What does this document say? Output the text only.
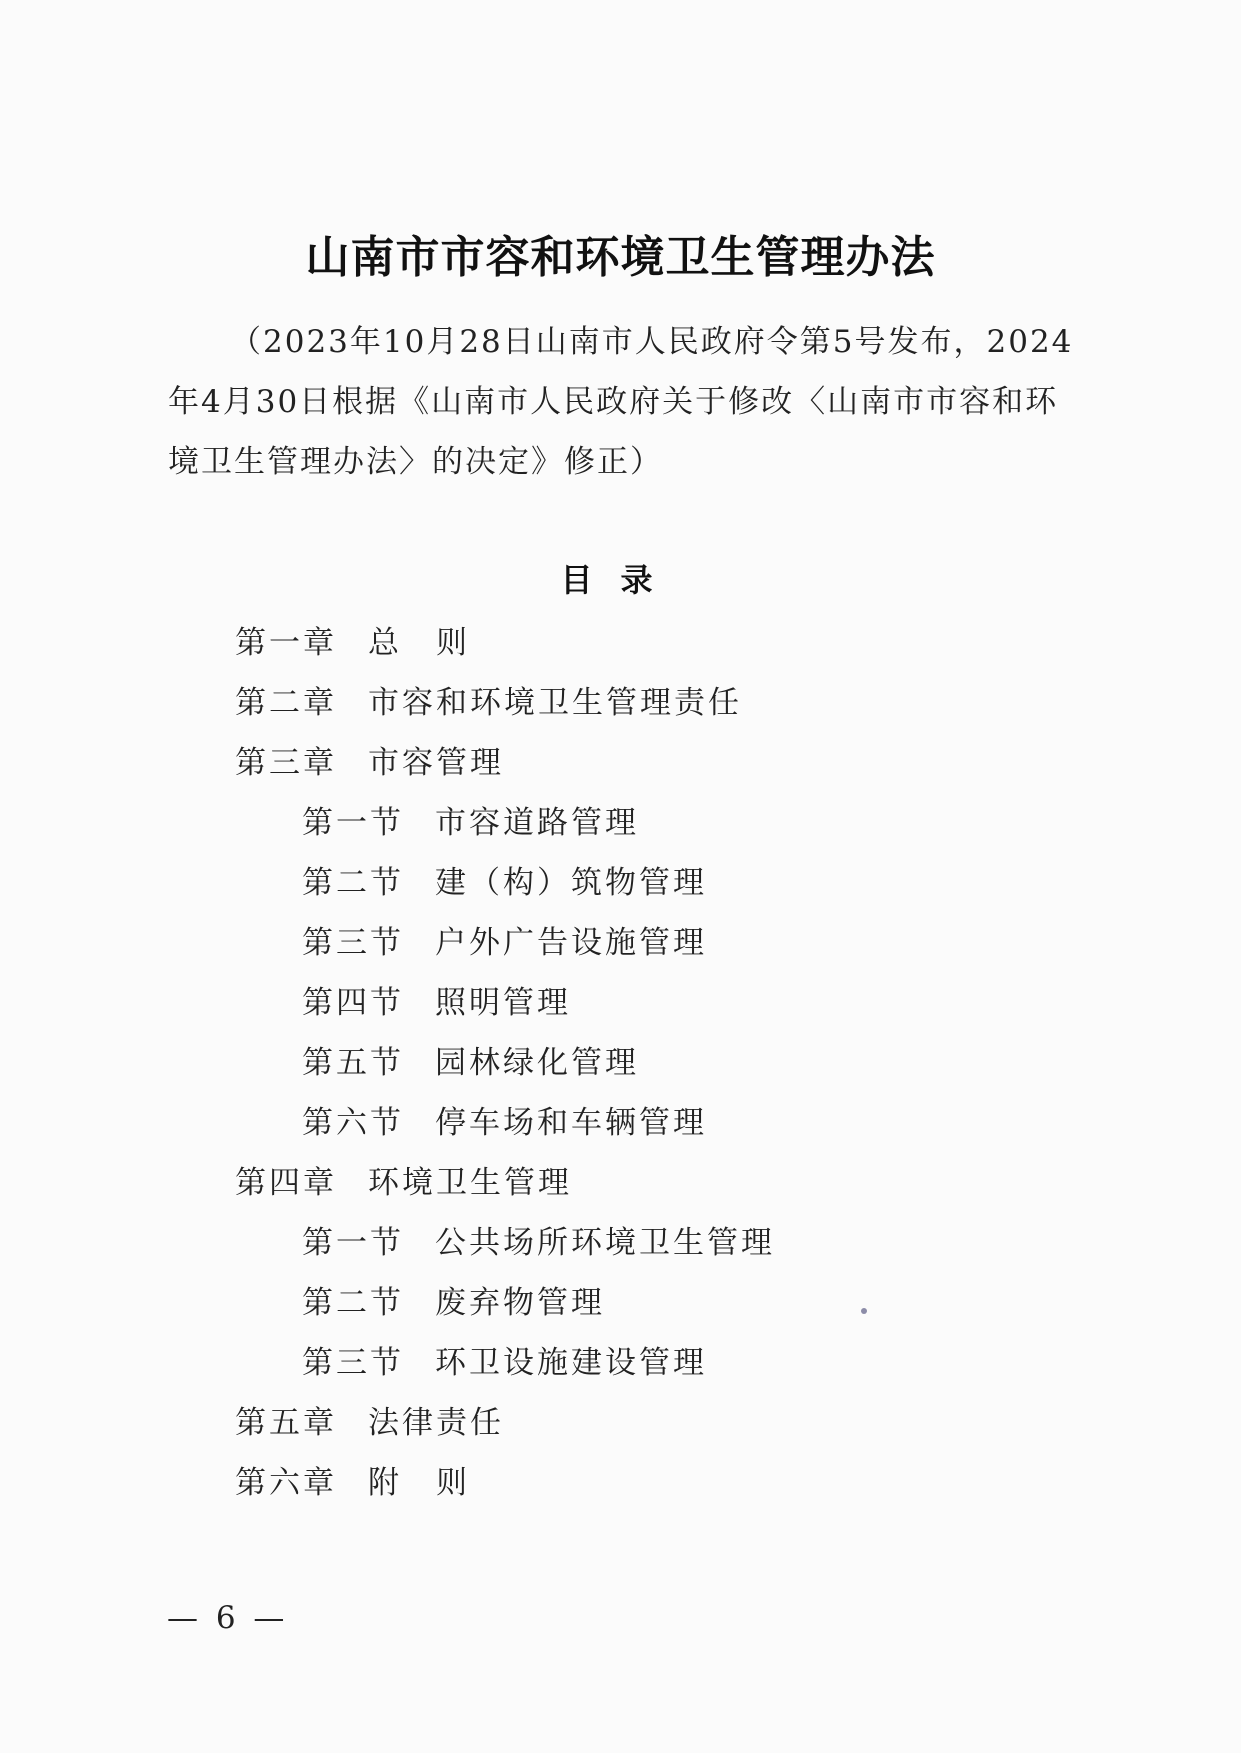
山南市市容和环境卫生管理办法
（2023年10月28日山南市人民政府令第5号发布，2024年4月30日根据《山南市人民政府关于修改〈山南市市容和环境卫生管理办法〉的决定》修正）
目录
第一章 总　则
第二章 市容和环境卫生管理责任
第三章 市容管理
第一节 市容道路管理
第二节 建（构）筑物管理
第三节 户外广告设施管理
第四节 照明管理
第五节 园林绿化管理
第六节 停车场和车辆管理
第四章 环境卫生管理
第一节 公共场所环境卫生管理
第二节 废弃物管理
第三节 环卫设施建设管理
第五章 法律责任
第六章 附　则
— 6 —
